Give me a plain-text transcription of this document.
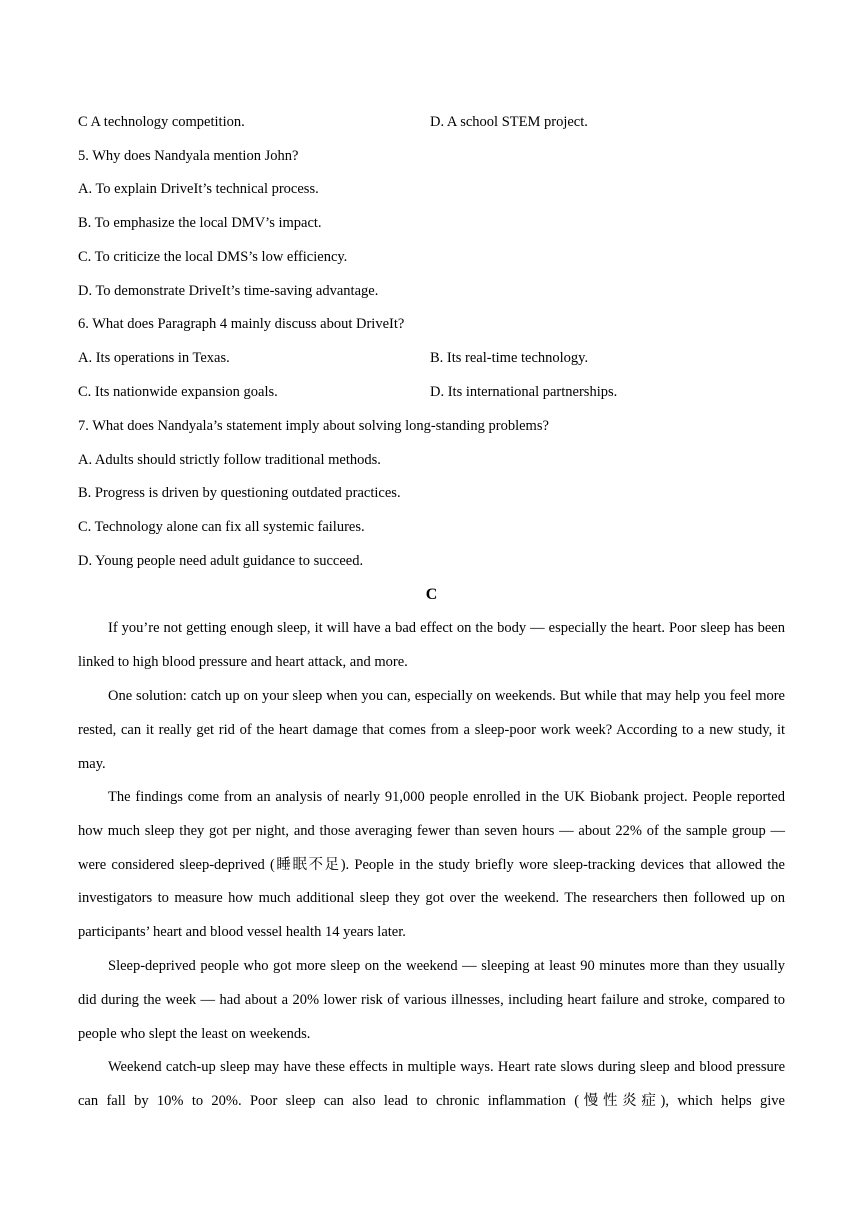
C A technology competition.	D. A school STEM project.
5. Why does Nandyala mention John?
A. To explain DriveIt’s technical process.
B. To emphasize the local DMV’s impact.
C. To criticize the local DMS’s low efficiency.
D. To demonstrate DriveIt’s time-saving advantage.
6. What does Paragraph 4 mainly discuss about DriveIt?
A. Its operations in Texas.	B. Its real-time technology.
C. Its nationwide expansion goals.	D. Its international partnerships.
7. What does Nandyala’s statement imply about solving long-standing problems?
A. Adults should strictly follow traditional methods.
B. Progress is driven by questioning outdated practices.
C. Technology alone can fix all systemic failures.
D. Young people need adult guidance to succeed.
C

If you’re not getting enough sleep, it will have a bad effect on the body — especially the heart. Poor sleep has been linked to high blood pressure and heart attack, and more.

One solution: catch up on your sleep when you can, especially on weekends. But while that may help you feel more rested, can it really get rid of the heart damage that comes from a sleep-poor work week? According to a new study, it may.

The findings come from an analysis of nearly 91,000 people enrolled in the UK Biobank project. People reported how much sleep they got per night, and those averaging fewer than seven hours — about 22% of the sample group — were considered sleep-deprived (睡眠不足). People in the study briefly wore sleep-tracking devices that allowed the investigators to measure how much additional sleep they got over the weekend. The researchers then followed up on participants’ heart and blood vessel health 14 years later.

Sleep-deprived people who got more sleep on the weekend — sleeping at least 90 minutes more than they usually did during the week — had about a 20% lower risk of various illnesses, including heart failure and stroke, compared to people who slept the least on weekends.

Weekend catch-up sleep may have these effects in multiple ways. Heart rate slows during sleep and blood pressure can fall by 10% to 20%. Poor sleep can also lead to chronic inflammation (慢性炎症), which helps give
